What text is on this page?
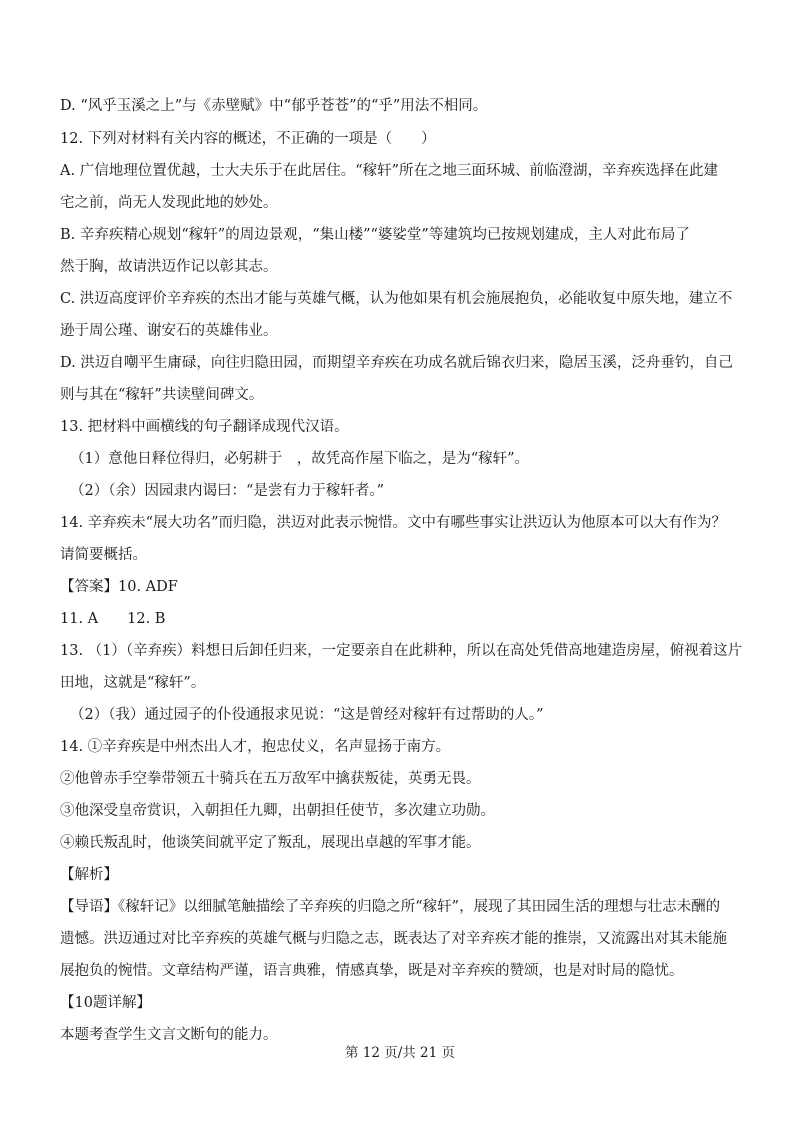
D. “风乎玉溪之上”与《赤壁赋》中“郁乎苍苍”的“乎”用法不相同。
12. 下列对材料有关内容的概述，不正确的一项是（　　）
A. 广信地理位置优越，士大夫乐于在此居住。“稼轩”所在之地三面环城、前临澄湖，辛弃疾选择在此建
宅之前，尚无人发现此地的妙处。
B. 辛弃疾精心规划“稼轩”的周边景观，“集山楼”“婆娑堂”等建筑均已按规划建成，主人对此布局了
然于胸，故请洪迈作记以彰其志。
C. 洪迈高度评价辛弃疾的杰出才能与英雄气概，认为他如果有机会施展抱负，必能收复中原失地，建立不
逊于周公瑾、谢安石的英雄伟业。
D. 洪迈自嘲平生庸碌，向往归隐田园，而期望辛弃疾在功成名就后锦衣归来，隐居玉溪，泛舟垂钓，自己
则与其在“稼轩”共读壁间碑文。
13. 把材料中画横线的句子翻译成现代汉语。
（1）意他日释位得归，必躬耕于　，故凭高作屋下临之，是为“稼轩”。
（2）（余）因园隶内谒曰：“是尝有力于稼轩者。”
14. 辛弃疾未“展大功名”而归隐，洪迈对此表示惋惜。文中有哪些事实让洪迈认为他原本可以大有作为？
请简要概括。
【答案】10. ADF
11. A　　12. B
13. （1）（辛弃疾）料想日后卸任归来，一定要亲自在此耕种，所以在高处凭借高地建造房屋，俯视着这片
田地，这就是“稼轩”。
（2）（我）通过园子的仆役通报求见说：“这是曾经对稼轩有过帮助的人。”
14. ①辛弃疾是中州杰出人才，抱忠仗义，名声显扬于南方。
②他曾赤手空拳带领五十骑兵在五万敌军中擒获叛徒，英勇无畏。
③他深受皇帝赏识，入朝担任九卿，出朝担任使节，多次建立功勋。
④赖氏叛乱时，他谈笑间就平定了叛乱，展现出卓越的军事才能。
【解析】
【导语】《稼轩记》以细腻笔触描绘了辛弃疾的归隐之所“稼轩”，展现了其田园生活的理想与壮志未酬的
遗憾。洪迈通过对比辛弃疾的英雄气概与归隐之志，既表达了对辛弃疾才能的推崇，又流露出对其未能施
展抱负的惋惜。文章结构严谨，语言典雅，情感真挚，既是对辛弃疾的赞颂，也是对时局的隐忧。
【10题详解】
本题考查学生文言文断句的能力。
第 12 页/共 21 页
